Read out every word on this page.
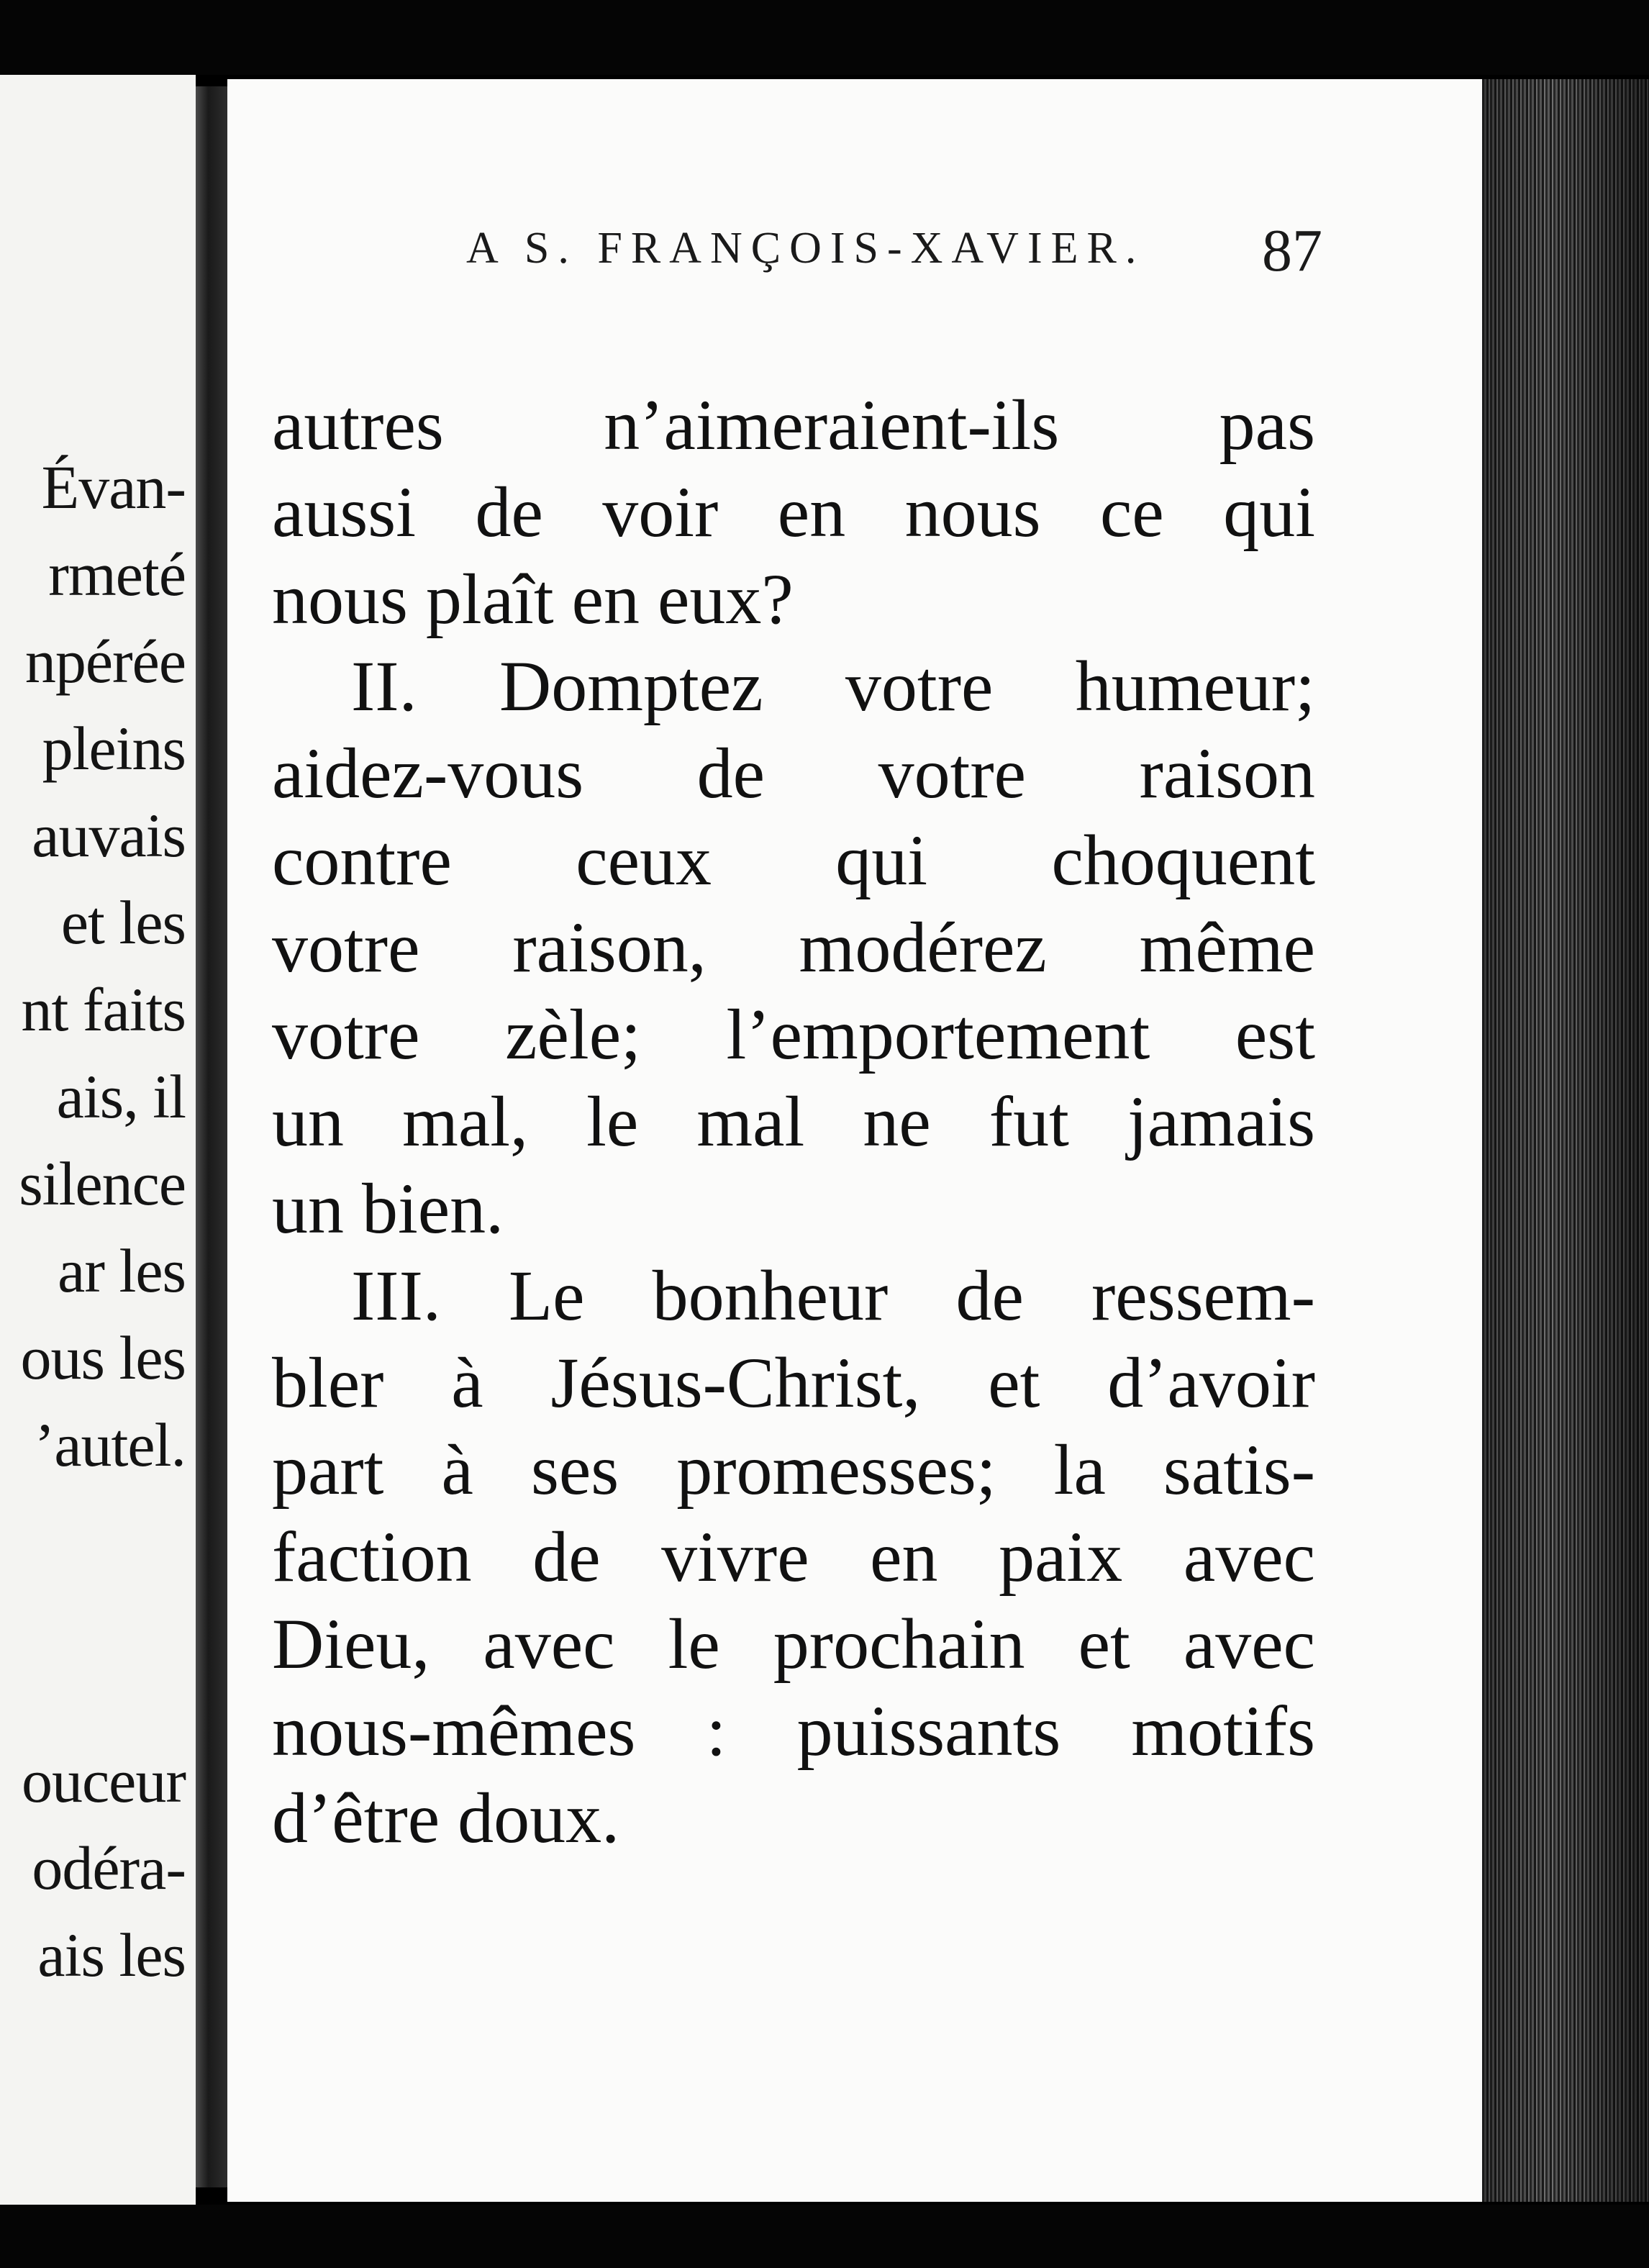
Évan-
rmeté
npérée
pleins
auvais
et les
nt faits
ais, il
silence
ar les
ous les
’autel.
ouceur
odéra-
ais les
A S. FRANÇOIS-XAVIER. 87
autres n’aimeraient-ils pas
aussi de voir en nous ce qui
nous plaît en eux?
II. Domptez votre humeur;
aidez-vous de votre raison
contre ceux qui choquent
votre raison, modérez même
votre zèle; l’emportement est
un mal, le mal ne fut jamais
un bien.
III. Le bonheur de ressem-
bler à Jésus-Christ, et d’avoir
part à ses promesses; la satis-
faction de vivre en paix avec
Dieu, avec le prochain et avec
nous-mêmes : puissants motifs
d’être doux.
